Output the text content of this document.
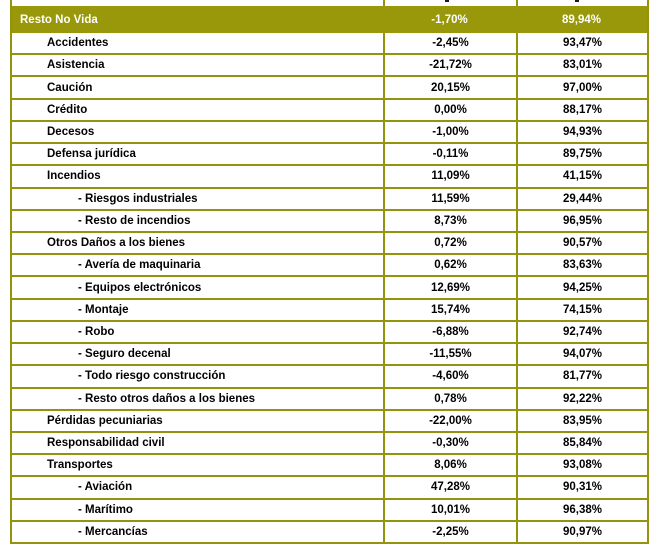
Resto No Vida	-1,70%	89,94%
Accidentes	-2,45%	93,47%
Asistencia	-21,72%	83,01%
Caución	20,15%	97,00%
Crédito	0,00%	88,17%
Decesos	-1,00%	94,93%
Defensa jurídica	-0,11%	89,75%
Incendios	11,09%	41,15%
- Riesgos industriales	11,59%	29,44%
- Resto de incendios	8,73%	96,95%
Otros Daños a los bienes	0,72%	90,57%
- Avería de maquinaria	0,62%	83,63%
- Equipos electrónicos	12,69%	94,25%
- Montaje	15,74%	74,15%
- Robo	-6,88%	92,74%
- Seguro decenal	-11,55%	94,07%
- Todo riesgo construcción	-4,60%	81,77%
- Resto otros daños a los bienes	0,78%	92,22%
Pérdidas pecuniarias	-22,00%	83,95%
Responsabilidad civil	-0,30%	85,84%
Transportes	8,06%	93,08%
- Aviación	47,28%	90,31%
- Marítimo	10,01%	96,38%
- Mercancías	-2,25%	90,97%
